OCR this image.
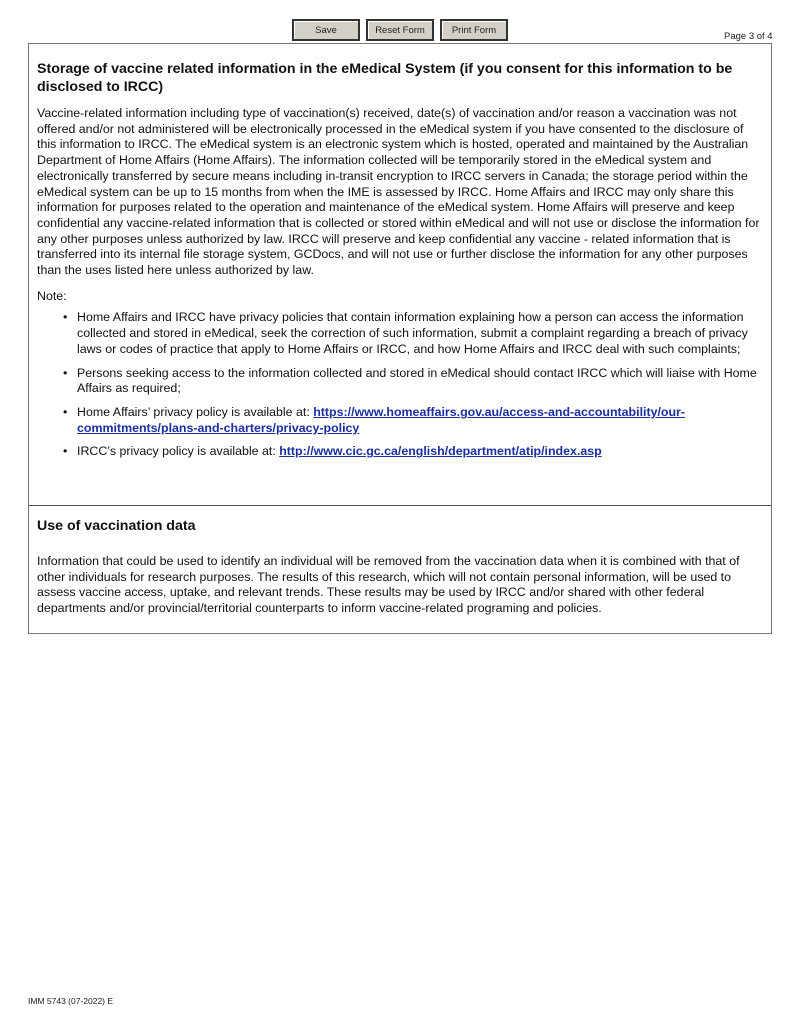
Save	Reset Form	Print Form
Page 3 of 4
Storage of vaccine related information in the eMedical System (if you consent for this information to be disclosed to IRCC)

Vaccine-related information including type of vaccination(s) received, date(s) of vaccination and/or reason a vaccination was not offered and/or not administered will be electronically processed in the eMedical system if you have consented to the disclosure of this information to IRCC. The eMedical system is an electronic system which is hosted, operated and maintained by the Australian Department of Home Affairs (Home Affairs). The information collected will be temporarily stored in the eMedical system and electronically transferred by secure means including in-transit encryption to IRCC servers in Canada; the storage period within the eMedical system can be up to 15 months from when the IME is assessed by IRCC. Home Affairs and IRCC may only share this information for purposes related to the operation and maintenance of the eMedical system. Home Affairs will preserve and keep confidential any vaccine-related information that is collected or stored within eMedical and will not use or disclose the information for any other purposes unless authorized by law. IRCC will preserve and keep confidential any vaccine - related information that is transferred into its internal file storage system, GCDocs, and will not use or further disclose the information for any other purposes than the uses listed here unless authorized by law.

Note:

• Home Affairs and IRCC have privacy policies that contain information explaining how a person can access the information collected and stored in eMedical, seek the correction of such information, submit a complaint regarding a breach of privacy laws or codes of practice that apply to Home Affairs or IRCC, and how Home Affairs and IRCC deal with such complaints;
• Persons seeking access to the information collected and stored in eMedical should contact IRCC which will liaise with Home Affairs as required;
• Home Affairs’ privacy policy is available at: https://www.homeaffairs.gov.au/access-and-accountability/our-commitments/plans-and-charters/privacy-policy
• IRCC’s privacy policy is available at: http://www.cic.gc.ca/english/department/atip/index.asp
Use of vaccination data

Information that could be used to identify an individual will be removed from the vaccination data when it is combined with that of other individuals for research purposes. The results of this research, which will not contain personal information, will be used to assess vaccine access, uptake, and relevant trends. These results may be used by IRCC and/or shared with other federal departments and/or provincial/territorial counterparts to inform vaccine-related programing and policies.

IMM 5743 (07-2022) E
